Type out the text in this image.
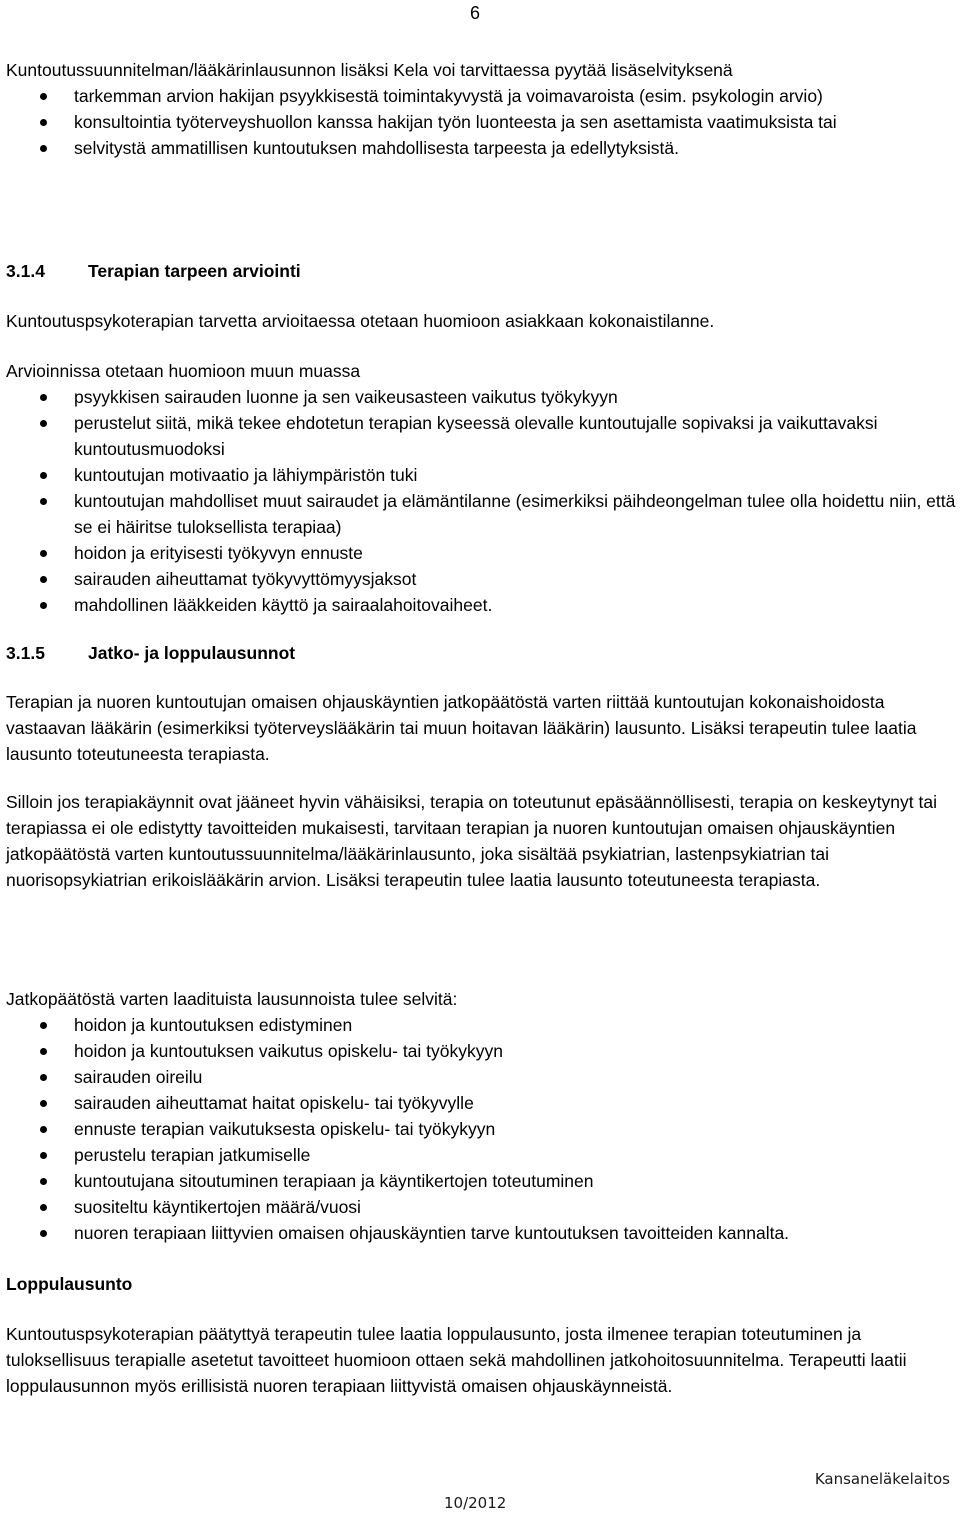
6

Kuntoutussuunnitelman/lääkärinlausunnon lisäksi Kela voi tarvittaessa pyytää lisäselvityksenä

tarkemman arvion hakijan psyykkisestä toimintakyvystä ja voimavaroista (esim. psykologin arvio)
konsultointia työterveyshuollon kanssa hakijan työn luonteesta ja sen asettamista vaatimuksista tai
selvitystä ammatillisen kuntoutuksen mahdollisesta tarpeesta ja edellytyksistä.
3.1.4 Terapian tarpeen arviointi
Kuntoutuspsykoterapian tarvetta arvioitaessa otetaan huomioon asiakkaan kokonaistilanne.

Arvioinnissa otetaan huomioon muun muassa

psyykkisen sairauden luonne ja sen vaikeusasteen vaikutus työkykyyn
perustelut siitä, mikä tekee ehdotetun terapian kyseessä olevalle kuntoutujalle sopivaksi ja vaikuttavaksi kuntoutusmuodoksi
kuntoutujan motivaatio ja lähiympäristön tuki
kuntoutujan mahdolliset muut sairaudet ja elämäntilanne (esimerkiksi päihdeongelman tulee olla hoidettu niin, että se ei häiritse tuloksellista terapiaa)
hoidon ja erityisesti työkyvyn ennuste
sairauden aiheuttamat työkyvyttömyysjaksot
mahdollinen lääkkeiden käyttö ja sairaalahoitovaiheet.
3.1.5 Jatko- ja loppulausunnot
Terapian ja nuoren kuntoutujan omaisen ohjauskäyntien jatkopäätöstä varten riittää kuntoutujan kokonaishoidosta vastaavan lääkärin (esimerkiksi työterveyslääkärin tai muun hoitavan lääkärin) lausunto. Lisäksi terapeutin tulee laatia lausunto toteutuneesta terapiasta.
Silloin jos terapiakäynnit ovat jääneet hyvin vähäisiksi, terapia on toteutunut epäsäännöllisesti, terapia on keskeytynyt tai terapiassa ei ole edistytty tavoitteiden mukaisesti, tarvitaan terapian ja nuoren kuntoutujan omaisen ohjauskäyntien jatkopäätöstä varten kuntoutussuunnitelma/lääkärinlausunto, joka sisältää psykiatrian, lastenpsykiatrian tai nuorisopsykiatrian erikoislääkärin arvion. Lisäksi terapeutin tulee laatia lausunto toteutuneesta terapiasta.

Jatkopäätöstä varten laadituista lausunnoista tulee selvitä:

hoidon ja kuntoutuksen edistyminen
hoidon ja kuntoutuksen vaikutus opiskelu- tai työkykyyn
sairauden oireilu
sairauden aiheuttamat haitat opiskelu- tai työkyvylle
ennuste terapian vaikutuksesta opiskelu- tai työkykyyn
perustelu terapian jatkumiselle
kuntoutujana sitoutuminen terapiaan ja käyntikertojen toteutuminen
suositeltu käyntikertojen määrä/vuosi
nuoren terapiaan liittyvien omaisen ohjauskäyntien tarve kuntoutuksen tavoitteiden kannalta.
Loppulausunto
Kuntoutuspsykoterapian päätyttyä terapeutin tulee laatia loppulausunto, josta ilmenee terapian toteutuminen ja tuloksellisuus terapialle asetetut tavoitteet huomioon ottaen sekä mahdollinen jatkohoitosuunnitelma. Terapeutti laatii loppulausunnon myös erillisistä nuoren terapiaan liittyvistä omaisen ohjauskäynneistä.
Kansaneläkelaitos
10/2012
